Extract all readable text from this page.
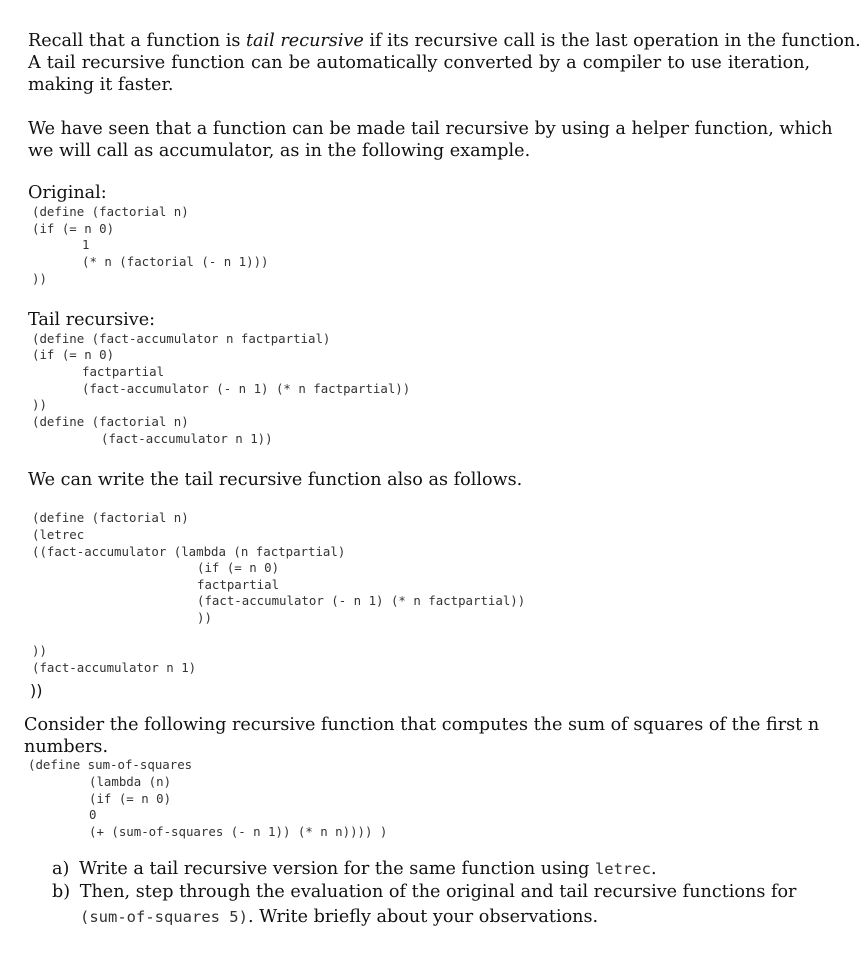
Recall that a function is tail recursive if its recursive call is the last operation in the function.
A tail recursive function can be automatically converted by a compiler to use iteration,
making it faster.
We have seen that a function can be made tail recursive by using a helper function, which
we will call as accumulator, as in the following example.
Original:
(define (factorial n)
(if (= n 0)
1
(* n (factorial (- n 1)))
))
Tail recursive:
(define (fact-accumulator n factpartial)
(if (= n 0)
factpartial
(fact-accumulator (- n 1) (* n factpartial))
))
(define (factorial n)
(fact-accumulator n 1))
We can write the tail recursive function also as follows.
(define (factorial n)
(letrec
((fact-accumulator (lambda (n factpartial)
(if (= n 0)
factpartial
(fact-accumulator (- n 1) (* n factpartial))
))
))
(fact-accumulator n 1)
))
Consider the following recursive function that computes the sum of squares of the first n
numbers.
(define sum-of-squares
(lambda (n)
(if (= n 0)
0
(+ (sum-of-squares (- n 1)) (* n n)))) )
a) Write a tail recursive version for the same function using letrec.
b) Then, step through the evaluation of the original and tail recursive functions for
(sum-of-squares 5). Write briefly about your observations.
